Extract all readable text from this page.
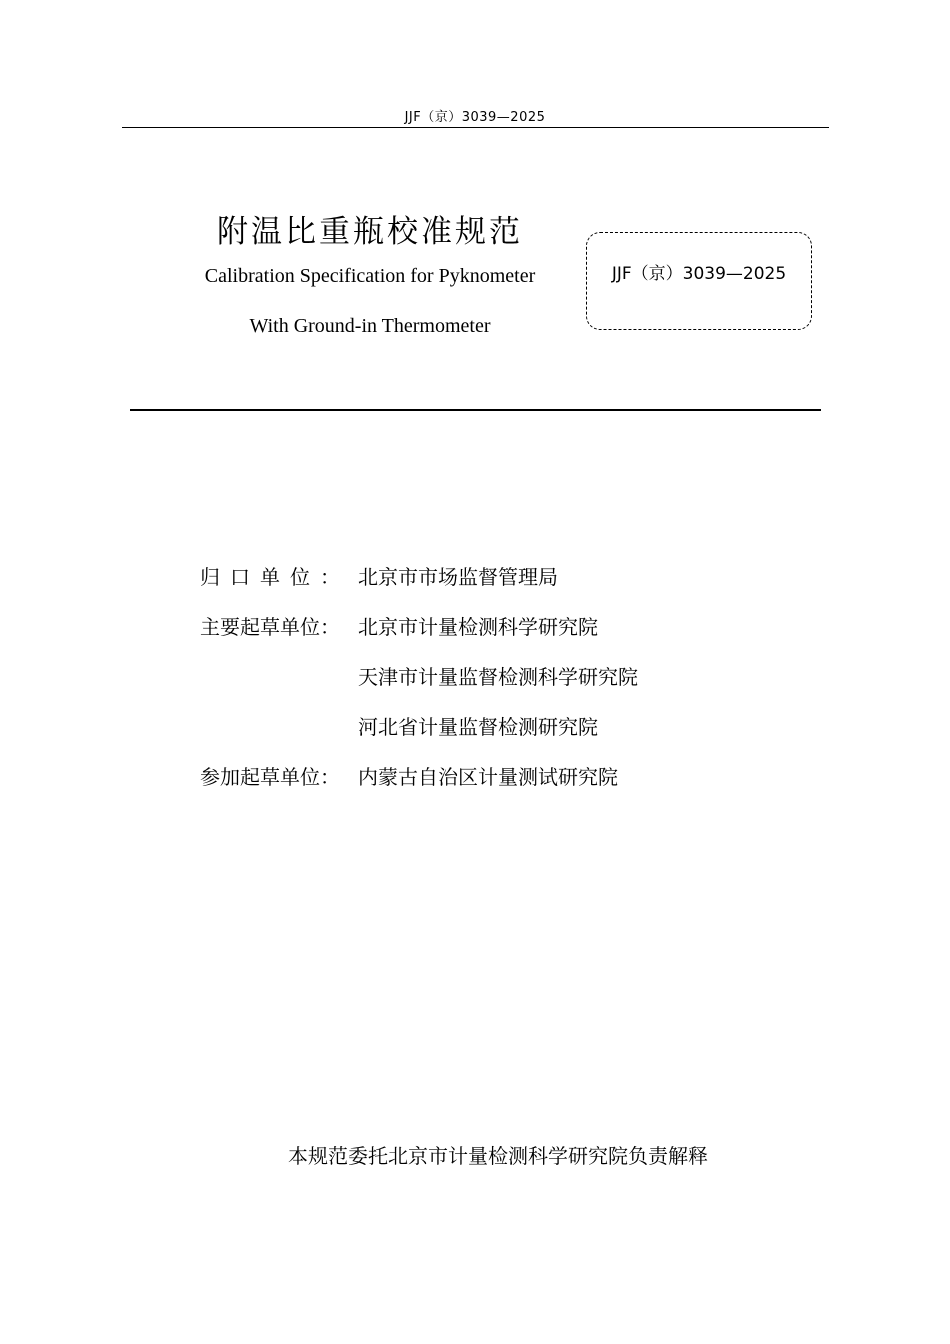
JJF（京）3039—2025
附温比重瓶校准规范
Calibration Specification for Pyknometer
With Ground-in Thermometer
JJF（京）3039—2025
归口单位： 北京市市场监督管理局
主要起草单位： 北京市计量检测科学研究院
天津市计量监督检测科学研究院
河北省计量监督检测研究院
参加起草单位： 内蒙古自治区计量测试研究院
本规范委托北京市计量检测科学研究院负责解释
